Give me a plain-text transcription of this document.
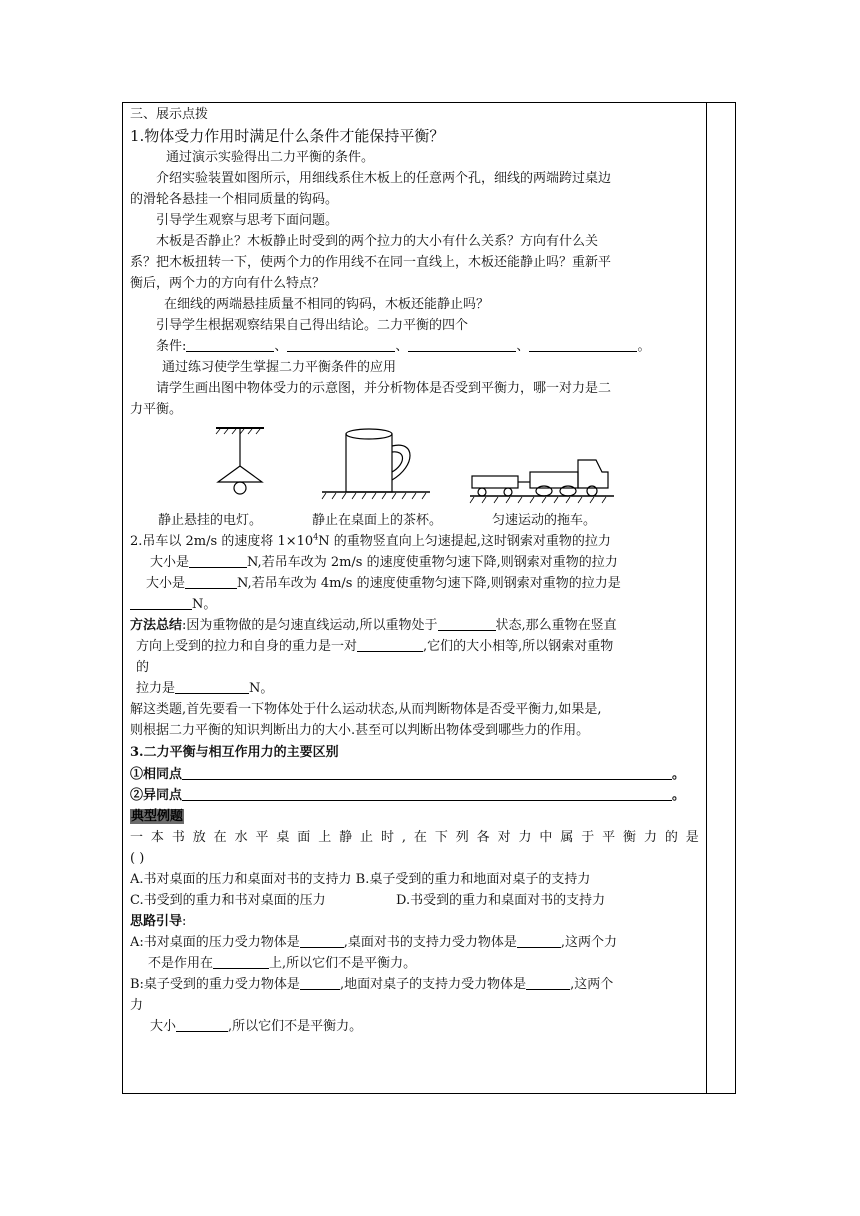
三、展示点拨
1.物体受力作用时满足什么条件才能保持平衡？
通过演示实验得出二力平衡的条件。
介绍实验装置如图所示，用细线系住木板上的任意两个孔，细线的两端跨过桌边
的滑轮各悬挂一个相同质量的钩码。
引导学生观察与思考下面问题。
木板是否静止？木板静止时受到的两个拉力的大小有什么关系？方向有什么关
系？把木板扭转一下，使两个力的作用线不在同一直线上，木板还能静止吗？重新平
衡后，两个力的方向有什么特点？
在细线的两端悬挂质量不相同的钩码，木板还能静止吗？
引导学生根据观察结果自己得出结论。二力平衡的四个
条件:	、	、	、	。
通过练习使学生掌握二力平衡条件的应用
请学生画出图中物体受力的示意图，并分析物体是否受到平衡力，哪一对力是二
力平衡。
静止悬挂的电灯。	静止在桌面上的茶杯。	匀速运动的拖车。
2.吊车以 2m/s 的速度将 $1\times 10^4N$ 的重物竖直向上匀速提起,这时钢索对重物的拉力
大小是	N,若吊车改为 2m/s 的速度使重物匀速下降,则钢索对重物的拉力
大小是	N,若吊车改为 4m/s 的速度使重物匀速下降,则钢索对重物的拉力是
N。
方法总结:因为重物做的是匀速直线运动,所以重物处于	状态,那么重物在竖直
方向上受到的拉力和自身的重力是一对	,它们的大小相等,所以钢索对重物
的
拉力是	N。
解这类题,首先要看一下物体处于什么运动状态,从而判断物体是否受平衡力,如果是,
则根据二力平衡的知识判断出力的大小.甚至可以判断出物体受到哪些力的作用。
3.二力平衡与相互作用力的主要区别
①相同点	。
②异同点	。
典型例题
一本书放在水平桌面上静止时,在下列各对力中属于平衡力的是
( )
A.书对桌面的压力和桌面对书的支持力 B.桌子受到的重力和地面对桌子的支持力
C.书受到的重力和书对桌面的压力	D.书受到的重力和桌面对书的支持力
思路引导:
A:书对桌面的压力受力物体是	,桌面对书的支持力受力物体是	,这两个力
不是作用在	上,所以它们不是平衡力。
B:桌子受到的重力受力物体是	,地面对桌子的支持力受力物体是	,这两个
力
大小	,所以它们不是平衡力。
